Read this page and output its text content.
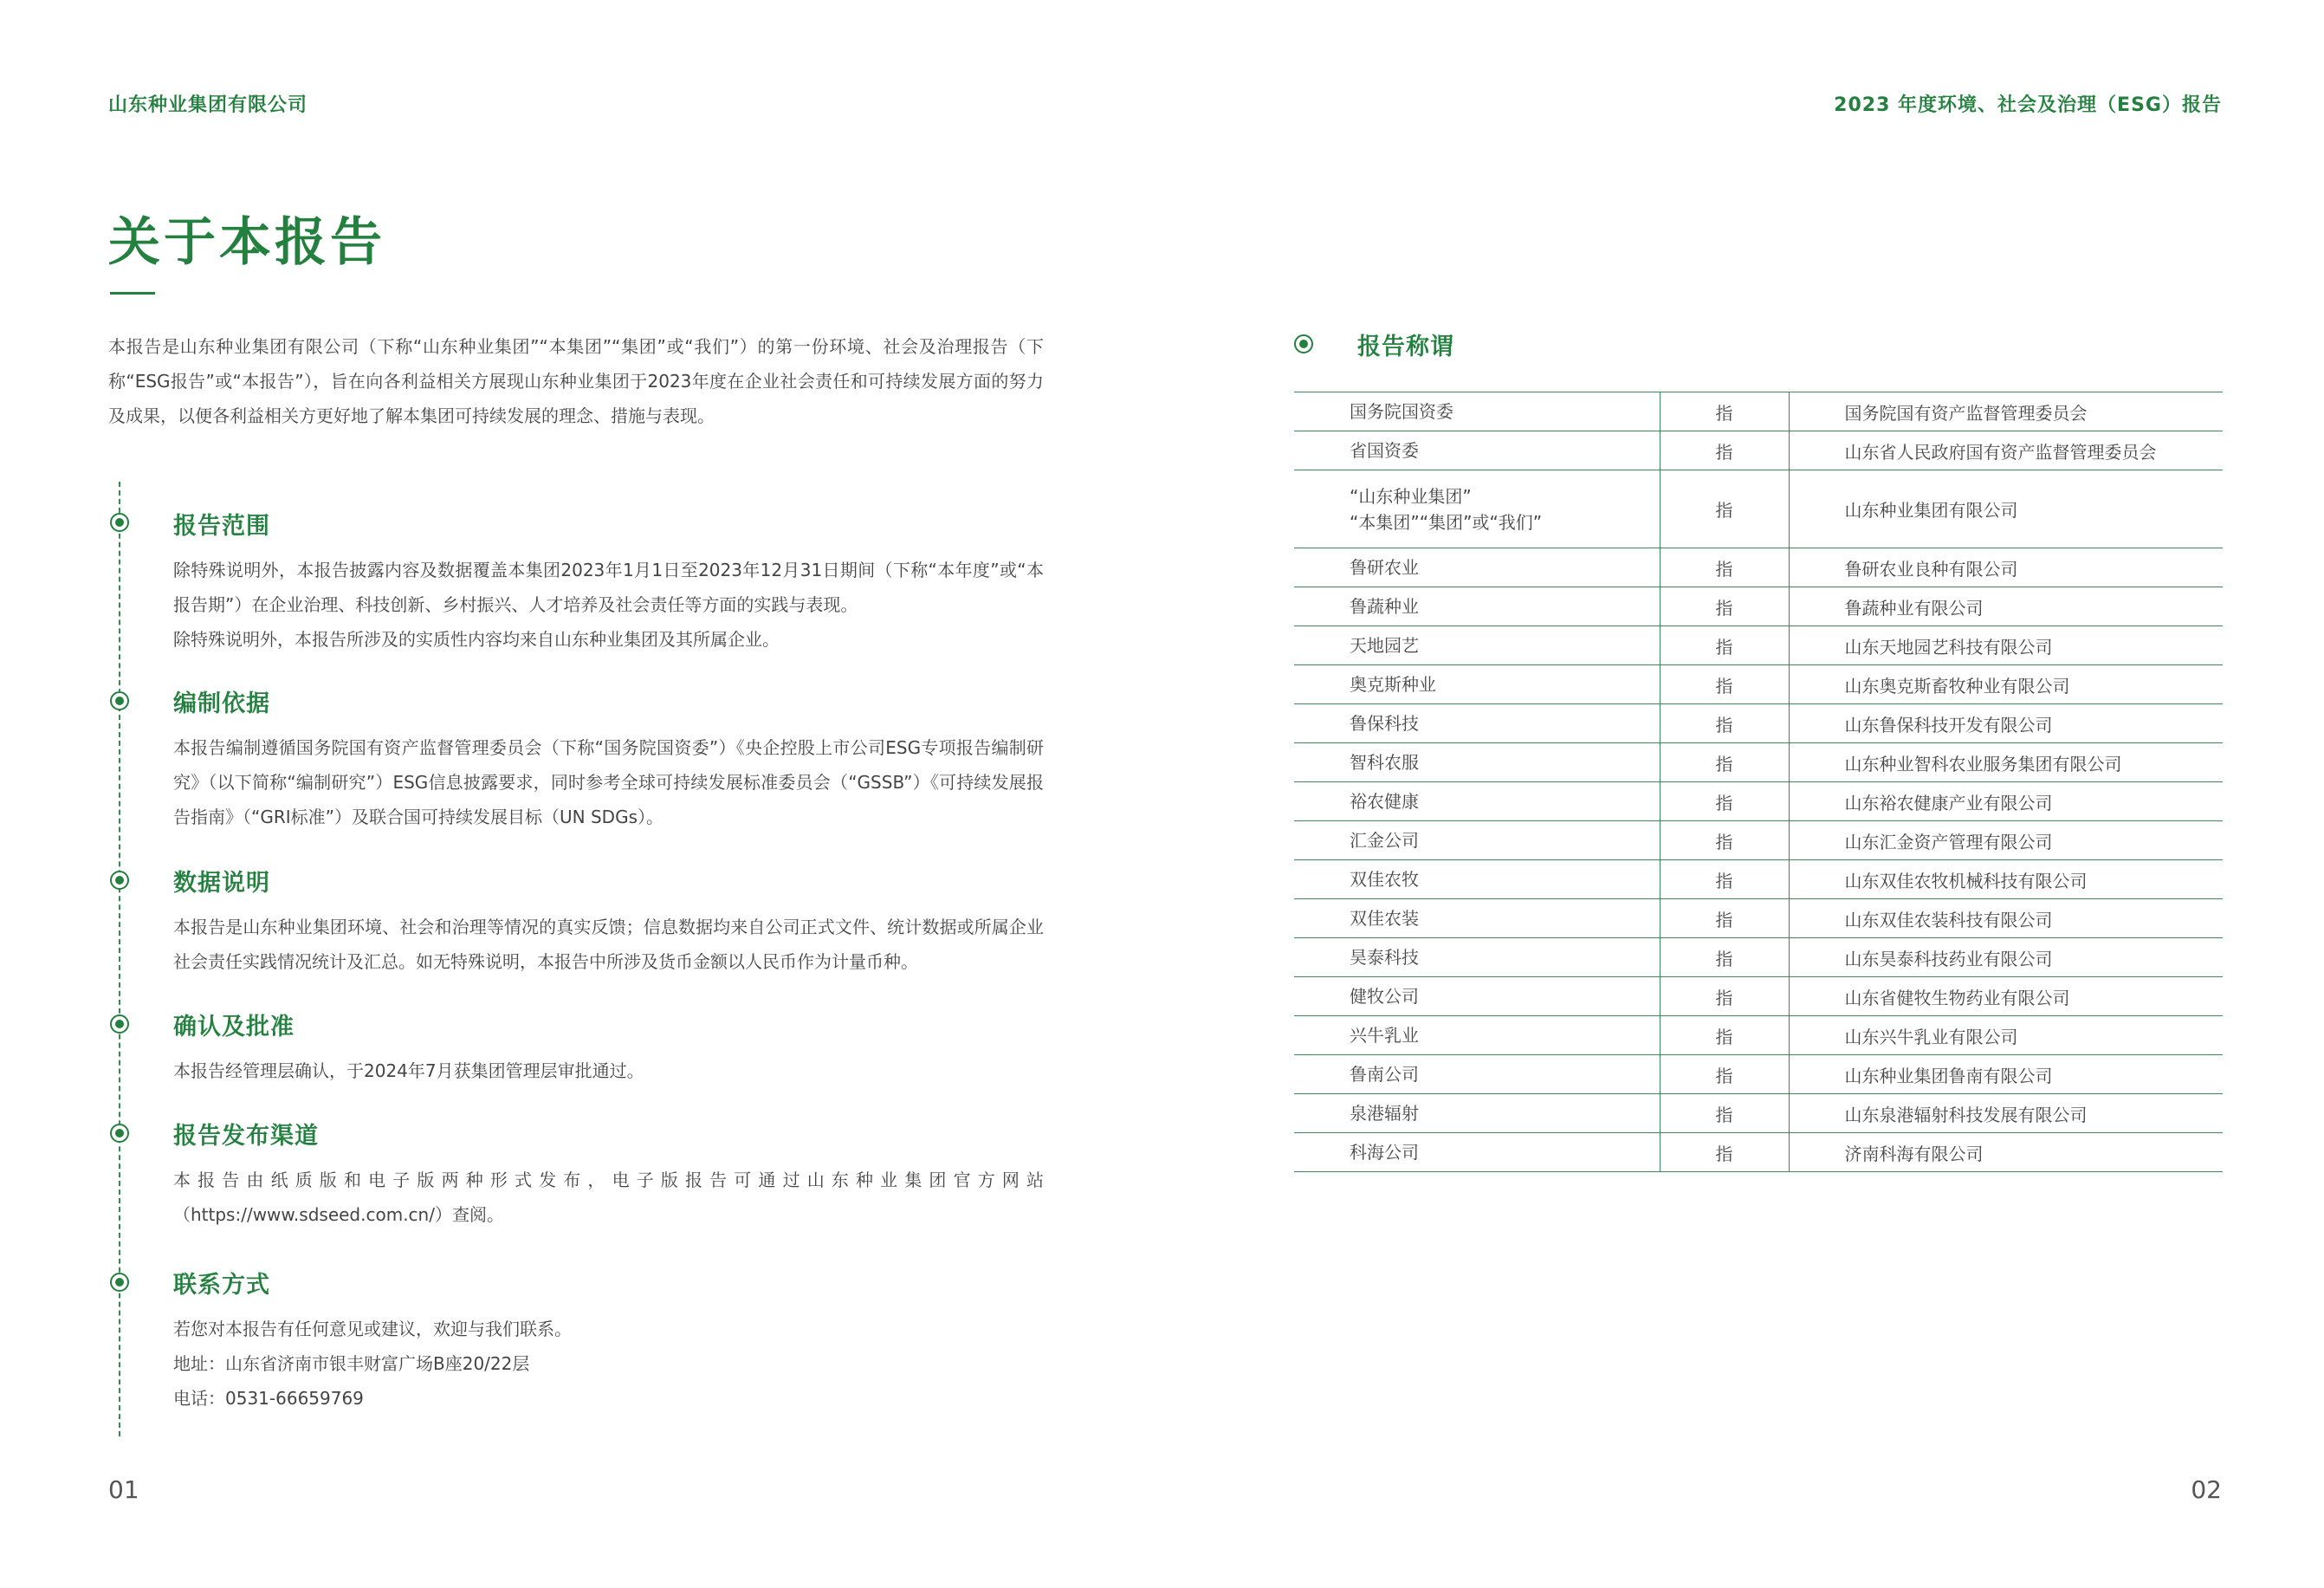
山东种业集团有限公司	2023 年度环境、社会及治理（ESG）报告
关于本报告
本报告是山东种业集团有限公司（下称“山东种业集团”“本集团”“集团”或“我们”）的第一份环境、社会及治理报告（下称“ESG报告”或“本报告”），旨在向各利益相关方展现山东种业集团于2023年度在企业社会责任和可持续发展方面的努力及成果，以便各利益相关方更好地了解本集团可持续发展的理念、措施与表现。
报告范围

除特殊说明外，本报告披露内容及数据覆盖本集团2023年1月1日至2023年12月31日期间（下称“本年度”或“本报告期”）在企业治理、科技创新、乡村振兴、人才培养及社会责任等方面的实践与表现。

除特殊说明外，本报告所涉及的实质性内容均来自山东种业集团及其所属企业。

编制依据

本报告编制遵循国务院国有资产监督管理委员会（下称“国务院国资委”）《央企控股上市公司ESG专项报告编制研究》（以下简称“编制研究”）ESG信息披露要求，同时参考全球可持续发展标准委员会（“GSSB”）《可持续发展报告指南》（“GRI标准”）及联合国可持续发展目标（UN SDGs）。

数据说明

本报告是山东种业集团环境、社会和治理等情况的真实反馈；信息数据均来自公司正式文件、统计数据或所属企业社会责任实践情况统计及汇总。如无特殊说明，本报告中所涉及货币金额以人民币作为计量币种。

确认及批准

本报告经管理层确认，于2024年7月获集团管理层审批通过。

报告发布渠道

本报告由纸质版和电子版两种形式发布，电子版报告可通过山东种业集团官方网站（https://www.sdseed.com.cn/）查阅。

联系方式

若您对本报告有任何意见或建议，欢迎与我们联系。

地址：山东省济南市银丰财富广场B座20/22层

电话：0531-66659769

01
报告称谓
国务院国资委	指	国务院国有资产监督管理委员会

省国资委	指	山东省人民政府国有资产监督管理委员会

“山东种业集团”
“本集团”“集团”或“我们”	指	山东种业集团有限公司

鲁研农业	指	鲁研农业良种有限公司

鲁蔬种业	指	鲁蔬种业有限公司

天地园艺	指	山东天地园艺科技有限公司

奥克斯种业	指	山东奥克斯畜牧种业有限公司

鲁保科技	指	山东鲁保科技开发有限公司

智科农服	指	山东种业智科农业服务集团有限公司

裕农健康	指	山东裕农健康产业有限公司

汇金公司	指	山东汇金资产管理有限公司

双佳农牧	指	山东双佳农牧机械科技有限公司

双佳农装	指	山东双佳农装科技有限公司

昊泰科技	指	山东昊泰科技药业有限公司

健牧公司	指	山东省健牧生物药业有限公司

兴牛乳业	指	山东兴牛乳业有限公司

鲁南公司	指	山东种业集团鲁南有限公司

泉港辐射	指	山东泉港辐射科技发展有限公司

科海公司	指	济南科海有限公司
02
